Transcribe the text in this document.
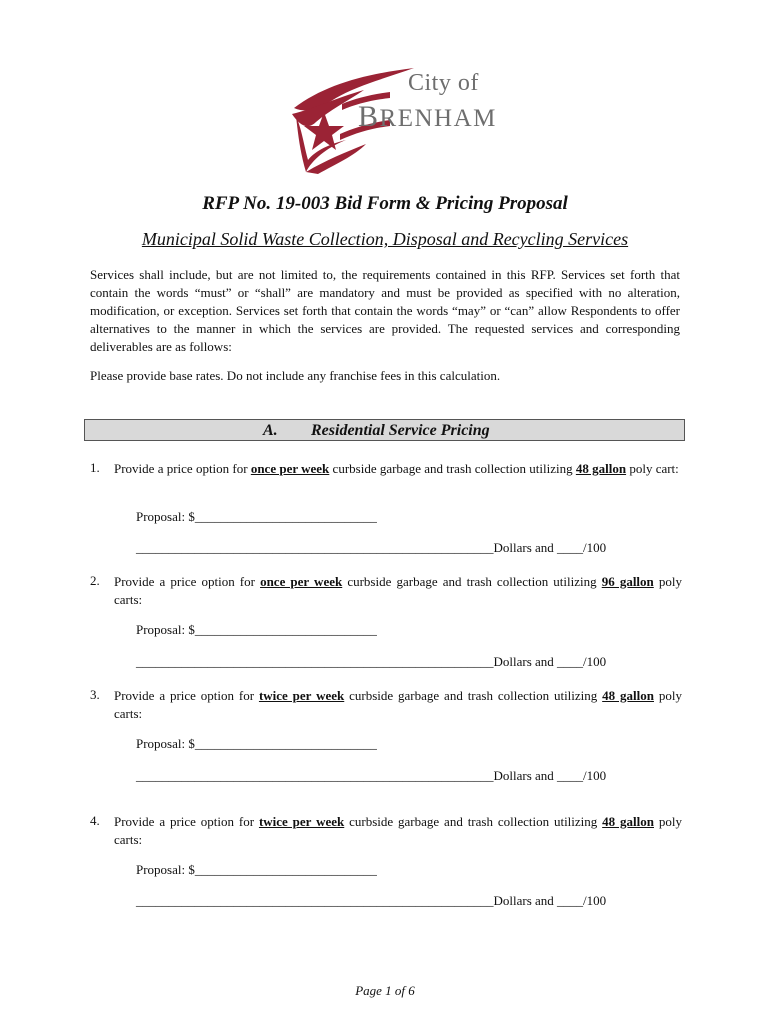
City of
BRENHAM
RFP No. 19-003 Bid Form & Pricing Proposal
Municipal Solid Waste Collection, Disposal and Recycling Services
Services shall include, but are not limited to, the requirements contained in this RFP. Services set forth that contain the words “must” or “shall” are mandatory and must be provided as specified with no alteration, modification, or exception. Services set forth that contain the words “may” or “can” allow Respondents to offer alternatives to the manner in which the services are provided. The requested services and corresponding deliverables are as follows:
Please provide base rates. Do not include any franchise fees in this calculation.
A. Residential Service Pricing
1. Provide a price option for once per week curbside garbage and trash collection utilizing 48 gallon poly cart:
Proposal: $____________________________
_______________________________________________________Dollars and ____/100
2. Provide a price option for once per week curbside garbage and trash collection utilizing 96 gallon poly carts:
Proposal: $____________________________
_______________________________________________________Dollars and ____/100
3. Provide a price option for twice per week curbside garbage and trash collection utilizing 48 gallon poly carts:
Proposal: $____________________________
_______________________________________________________Dollars and ____/100
4. Provide a price option for twice per week curbside garbage and trash collection utilizing 48 gallon poly carts:
Proposal: $____________________________
_______________________________________________________Dollars and ____/100
Page 1 of 6
